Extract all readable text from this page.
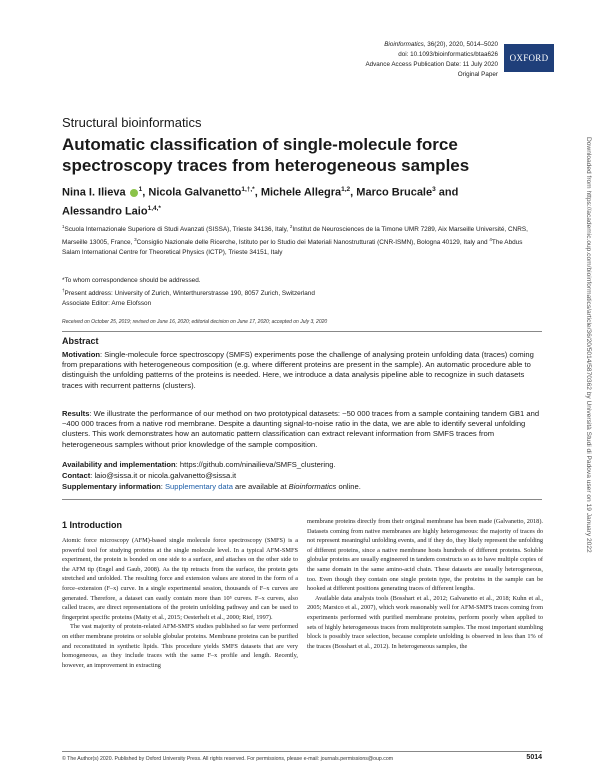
Bioinformatics, 36(20), 2020, 5014–5020
doi: 10.1093/bioinformatics/btaa626
Advance Access Publication Date: 11 July 2020
Original Paper
OXFORD
Structural bioinformatics
Automatic classification of single-molecule force spectroscopy traces from heterogeneous samples
Nina I. Ilieva $^1$, Nicola Galvanetto$^{1,\dagger,*}$, Michele Allegra$^{1,2}$, Marco Brucale$^3$ and
Alessandro Laio$^{1,4,*}$
$^1$Scuola Internazionale Superiore di Studi Avanzati (SISSA), Trieste 34136, Italy, $^2$Institut de Neurosciences de la Timone UMR 7289, Aix Marseille Université, CNRS, Marseille 13005, France, $^3$Consiglio Nazionale delle Ricerche, Istituto per lo Studio dei Materiali Nanostrutturati (CNR-ISMN), Bologna 40129, Italy and $^4$The Abdus Salam International Centre for Theoretical Physics (ICTP), Trieste 34151, Italy
*To whom correspondence should be addressed.
†Present address: University of Zurich, Winterthurerstrasse 190, 8057 Zurich, Switzerland
Associate Editor: Arne Elofsson
Received on October 25, 2019; revised on June 16, 2020; editorial decision on June 17, 2020; accepted on July 3, 2020
Abstract

Motivation: Single-molecule force spectroscopy (SMFS) experiments pose the challenge of analysing protein unfolding data (traces) coming from preparations with heterogeneous composition (e.g. where different proteins are present in the sample). An automatic procedure able to distinguish the unfolding patterns of the proteins is needed. Here, we introduce a data analysis pipeline able to recognize in such datasets traces with recurrent patterns (clusters).

Results: We illustrate the performance of our method on two prototypical datasets: ~50 000 traces from a sample containing tandem GB1 and ~400 000 traces from a native rod membrane. Despite a daunting signal-to-noise ratio in the data, we are able to identify several unfolding clusters. This work demonstrates how an automatic pattern classification can extract relevant information from SMFS traces from heterogeneous samples without prior knowledge of the sample composition.

Availability and implementation: https://github.com/ninailieva/SMFS_clustering.

Contact: laio@sissa.it or nicola.galvanetto@sissa.it

Supplementary information: Supplementary data are available at Bioinformatics online.

1 Introduction

Atomic force microscopy (AFM)-based single molecule force spectroscopy (SMFS) is a powerful tool for studying proteins at the single molecule level. In a typical AFM-SMFS experiment, the protein is bonded on one side to a surface, and attaches on the other side to the AFM tip (Engel and Gaub, 2008). As the tip retracts from the surface, the protein gets stretched and unfolded. The resulting force and extension values are stored in the form of a force–extension (F–x) curve. In a single experimental session, thousands of F–x curves are generated. Therefore, a dataset can easily contain more than 10⁵ curves. F–x curves, also called traces, are direct representations of the protein unfolding pathway and can be used to fingerprint specific proteins (Maity et al., 2015; Oesterhelt et al., 2000; Rief, 1997).

The vast majority of protein-related AFM-SMFS studies published so far were performed on either membrane proteins or soluble globular proteins. Membrane proteins can be purified and reconstituted in synthetic lipids. This procedure yields SMFS datasets that are very homogeneous, as they include traces with the same F–x profile and length. Recently, however, an improvement in extracting

membrane proteins directly from their original membrane has been made (Galvanetto, 2018). Datasets coming from native membranes are highly heterogeneous: the majority of traces do not represent meaningful unfolding events, and if they do, they likely represent the unfolding of different proteins, since a native membrane hosts hundreds of different proteins. Soluble globular proteins are usually engineered in tandem constructs so as to have multiple copies of the same domain in the same amino-acid chain. These datasets are usually heterogeneous, too. Even though they contain one single protein type, the proteins in the sample can be hooked at different positions generating traces of different lengths.

Available data analysis tools (Bosshart et al., 2012; Galvanetto et al., 2018; Kuhn et al., 2005; Marsico et al., 2007), which work reasonably well for AFM-SMFS traces coming from experiments performed with purified membrane proteins, perform poorly when applied to sets of highly heterogeneous traces from multiprotein samples. The most important stumbling block is possibly trace selection, because complete unfolding is observed in less than 1% of the traces (Bosshart et al., 2012). In heterogeneous samples, the

© The Author(s) 2020. Published by Oxford University Press. All rights reserved. For permissions, please e-mail: journals.permissions@oup.com	5014
Downloaded from https://academic.oup.com/bioinformatics/article/36/20/5014/5870362 by Università Studi di Padova user on 19 January 2022
